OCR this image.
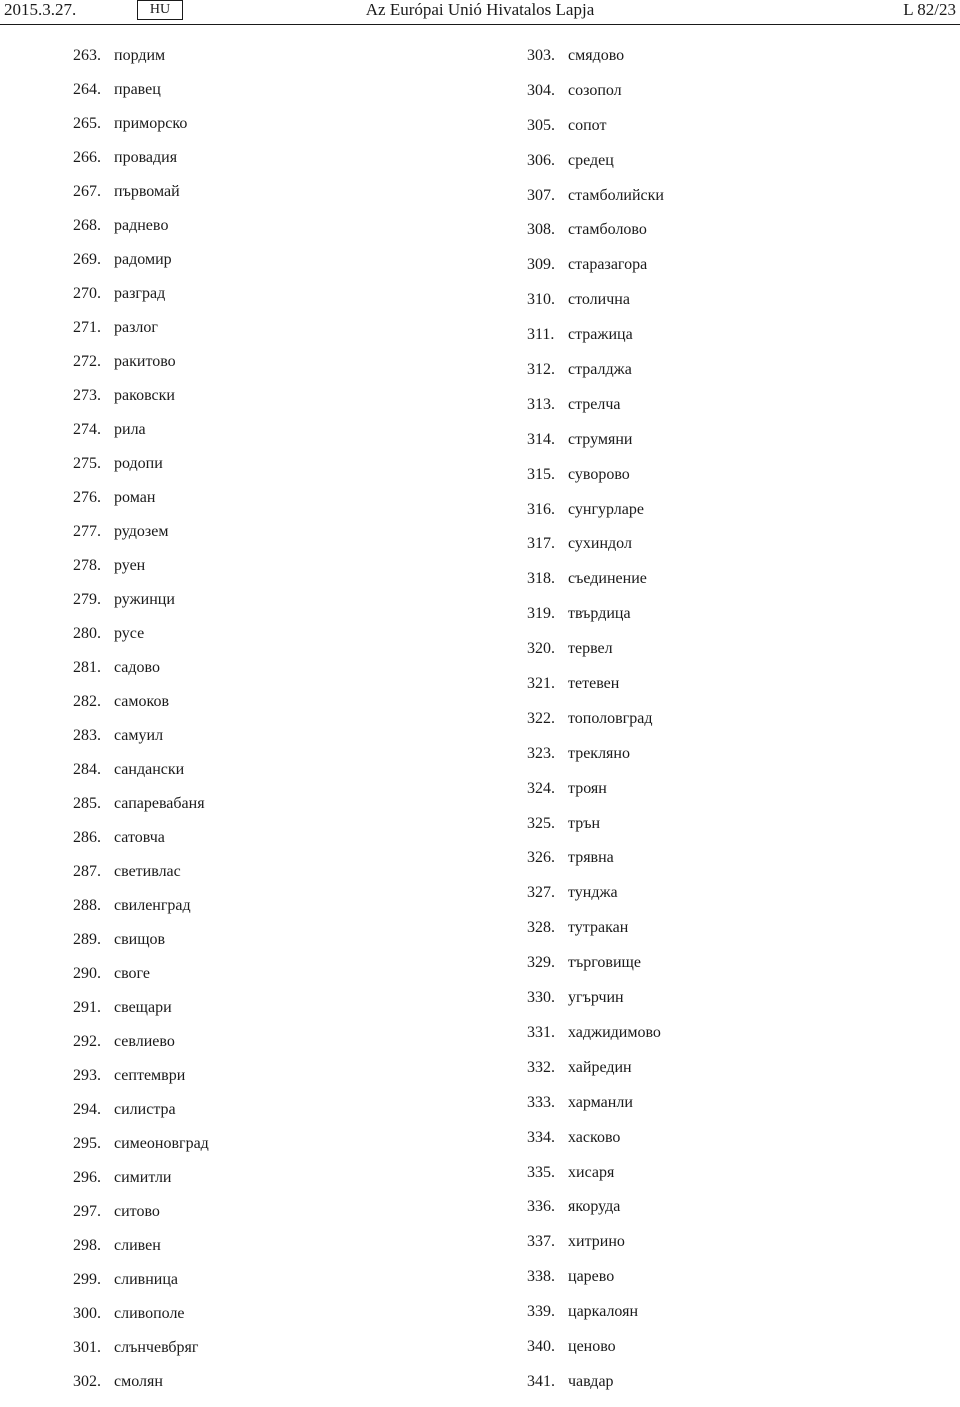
2015.3.27.	HU	Az Európai Unió Hivatalos Lapja	L 82/23
263. пордим
264. правец
265. приморско
266. провадия
267. първомай
268. радневo
269. радомир
270. разград
271. разлог
272. ракитово
273. раковски
274. рила
275. родопи
276. роман
277. рудозем
278. руен
279. ружинци
280. русе
281. садово
282. самоков
283. самуил
284. сандански
285. сапаревабаня
286. сатовча
287. светивлас
288. свиленград
289. свищов
290. своге
291. свещари
292. севлиево
293. септември
294. силистра
295. симеоновград
296. симитли
297. ситово
298. сливен
299. сливница
300. сливополе
301. слънчевбряг
302. смолян
303. смядово
304. созопол
305. сопот
306. средец
307. стамболийски
308. стамболово
309. старазагора
310. столична
311. стражица
312. стралджа
313. стрелча
314. струмяни
315. суворово
316. сунгурларе
317. сухиндол
318. съединение
319. твърдица
320. тервел
321. тетевен
322. тополовград
323. трекляно
324. троян
325. трън
326. трявна
327. тунджа
328. тутракан
329. търговище
330. угърчин
331. хаджидимово
332. хайредин
333. харманли
334. хасково
335. хисаря
336. якоруда
337. хитрино
338. царево
339. царкалоян
340. ценово
341. чавдар
